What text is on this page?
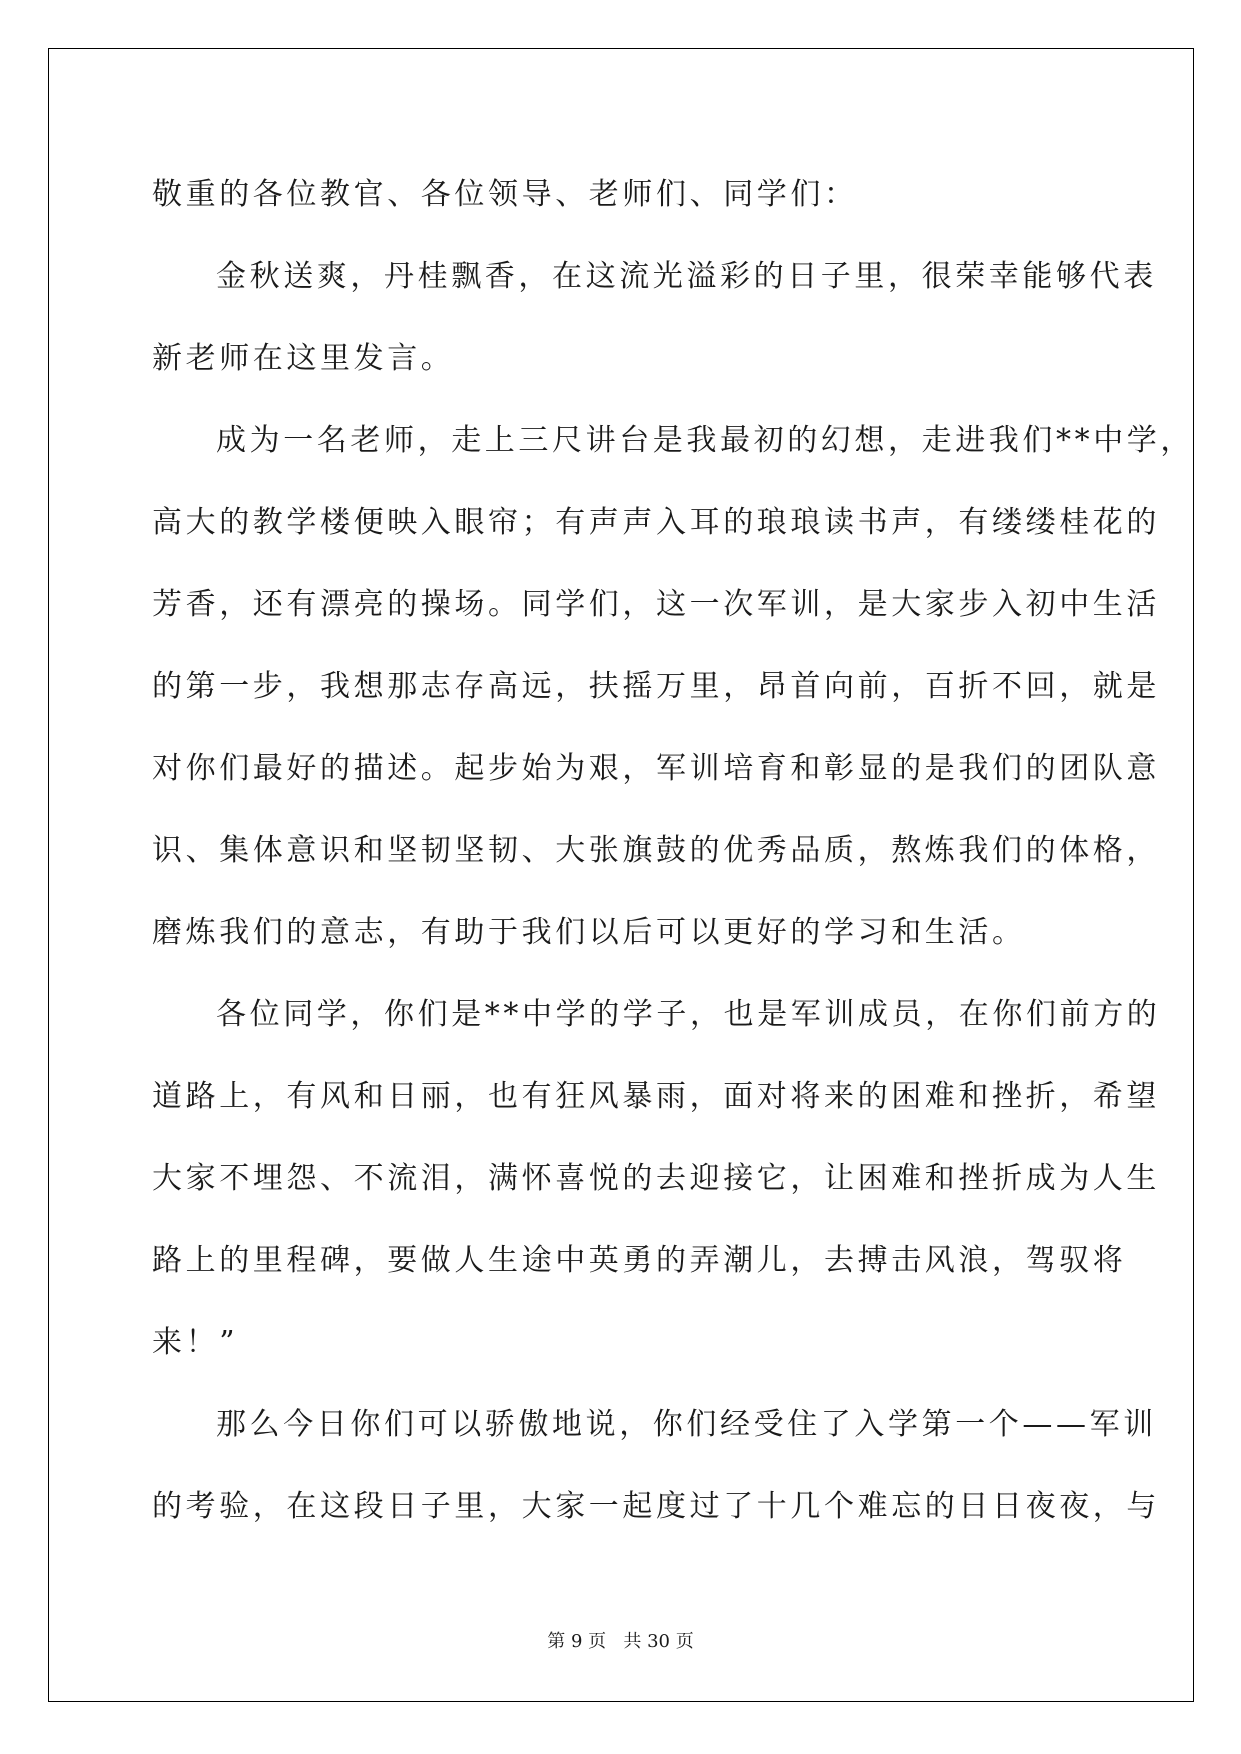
敬重的各位教官、各位领导、老师们、同学们：
金秋送爽，丹桂飘香，在这流光溢彩的日子里，很荣幸能够代表
新老师在这里发言。
成为一名老师，走上三尺讲台是我最初的幻想，走进我们**中学，
高大的教学楼便映入眼帘；有声声入耳的琅琅读书声，有缕缕桂花的
芳香，还有漂亮的操场。同学们，这一次军训，是大家步入初中生活
的第一步，我想那志存高远，扶摇万里，昂首向前，百折不回，就是
对你们最好的描述。起步始为艰，军训培育和彰显的是我们的团队意
识、集体意识和坚韧坚韧、大张旗鼓的优秀品质，熬炼我们的体格，
磨炼我们的意志，有助于我们以后可以更好的学习和生活。
各位同学，你们是**中学的学子，也是军训成员，在你们前方的
道路上，有风和日丽，也有狂风暴雨，面对将来的困难和挫折，希望
大家不埋怨、不流泪，满怀喜悦的去迎接它，让困难和挫折成为人生
路上的里程碑，要做人生途中英勇的弄潮儿，去搏击风浪，驾驭将
来！”
那么今日你们可以骄傲地说，你们经受住了入学第一个——军训
的考验，在这段日子里，大家一起度过了十几个难忘的日日夜夜，与
第 9 页 共 30 页
